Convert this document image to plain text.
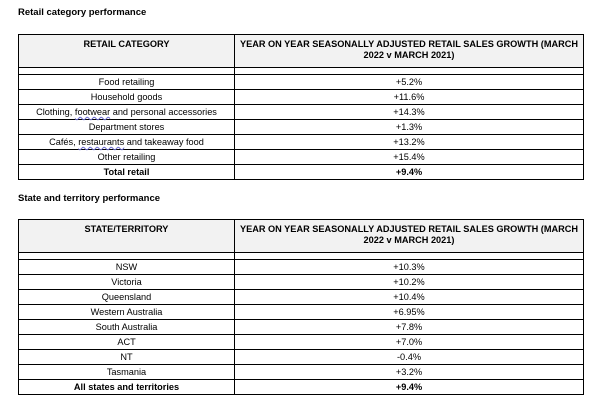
Retail category performance
RETAIL CATEGORY	YEAR ON YEAR SEASONALLY ADJUSTED RETAIL SALES GROWTH (MARCH 2022 v MARCH 2021)

Food retailing	+5.2%
Household goods	+11.6%
Clothing, footwear and personal accessories	+14.3%
Department stores	+1.3%
Cafés, restaurants and takeaway food	+13.2%
Other retailing	+15.4%
Total retail	+9.4%
State and territory performance
STATE/TERRITORY	YEAR ON YEAR SEASONALLY ADJUSTED RETAIL SALES GROWTH (MARCH 2022 v MARCH 2021)

NSW	+10.3%
Victoria	+10.2%
Queensland	+10.4%
Western Australia	+6.95%
South Australia	+7.8%
ACT	+7.0%
NT	-0.4%
Tasmania	+3.2%
All states and territories	+9.4%
